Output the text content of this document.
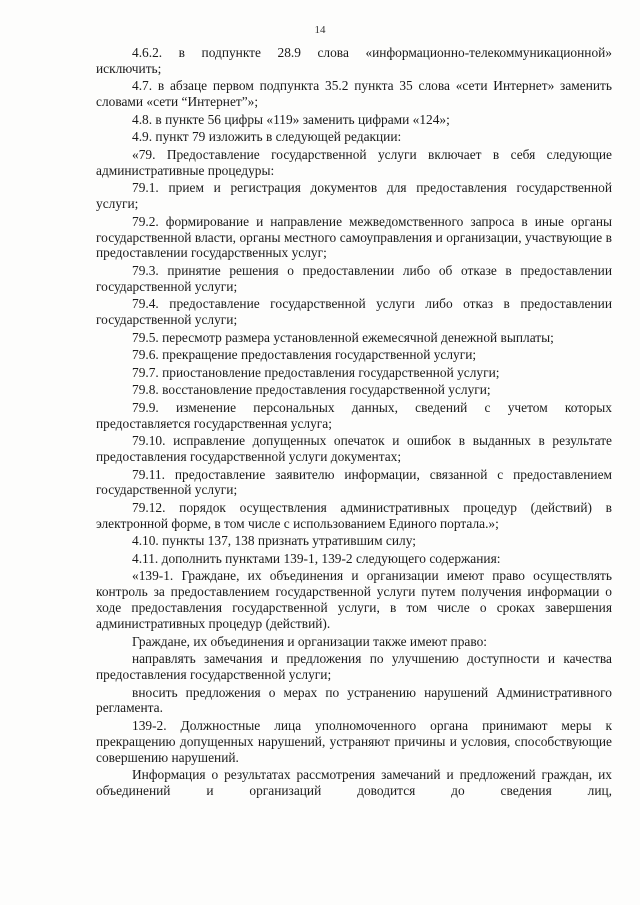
14

4.6.2. в подпункте 28.9 слова «информационно-телекоммуникационной» исключить;

4.7. в абзаце первом подпункта 35.2 пункта 35 слова «сети Интернет» заменить словами «сети “Интернет”»;

4.8. в пункте 56 цифры «119» заменить цифрами «124»;

4.9. пункт 79 изложить в следующей редакции:

«79. Предоставление государственной услуги включает в себя следующие административные процедуры:

79.1. прием и регистрация документов для предоставления государственной услуги;

79.2. формирование и направление межведомственного запроса в иные органы государственной власти, органы местного самоуправления и организации, участвующие в предоставлении государственных услуг;

79.3. принятие решения о предоставлении либо об отказе в предоставлении государственной услуги;

79.4. предоставление государственной услуги либо отказ в предоставлении государственной услуги;

79.5. пересмотр размера установленной ежемесячной денежной выплаты;

79.6. прекращение предоставления государственной услуги;

79.7. приостановление предоставления государственной услуги;

79.8. восстановление предоставления государственной услуги;

79.9. изменение персональных данных, сведений с учетом которых предоставляется государственная услуга;

79.10. исправление допущенных опечаток и ошибок в выданных в результате предоставления государственной услуги документах;

79.11. предоставление заявителю информации, связанной с предоставлением государственной услуги;

79.12. порядок осуществления административных процедур (действий) в электронной форме, в том числе с использованием Единого портала.»;

4.10. пункты 137, 138 признать утратившим силу;

4.11. дополнить пунктами 139-1, 139-2 следующего содержания:

«139-1. Граждане, их объединения и организации имеют право осуществлять контроль за предоставлением государственной услуги путем получения информации о ходе предоставления государственной услуги, в том числе о сроках завершения административных процедур (действий).

Граждане, их объединения и организации также имеют право:

направлять замечания и предложения по улучшению доступности и качества предоставления государственной услуги;

вносить предложения о мерах по устранению нарушений Административного регламента.

139-2. Должностные лица уполномоченного органа принимают меры к прекращению допущенных нарушений, устраняют причины и условия, способствующие совершению нарушений.

Информация о результатах рассмотрения замечаний и предложений граждан, их объединений и организаций доводится до сведения лиц,
